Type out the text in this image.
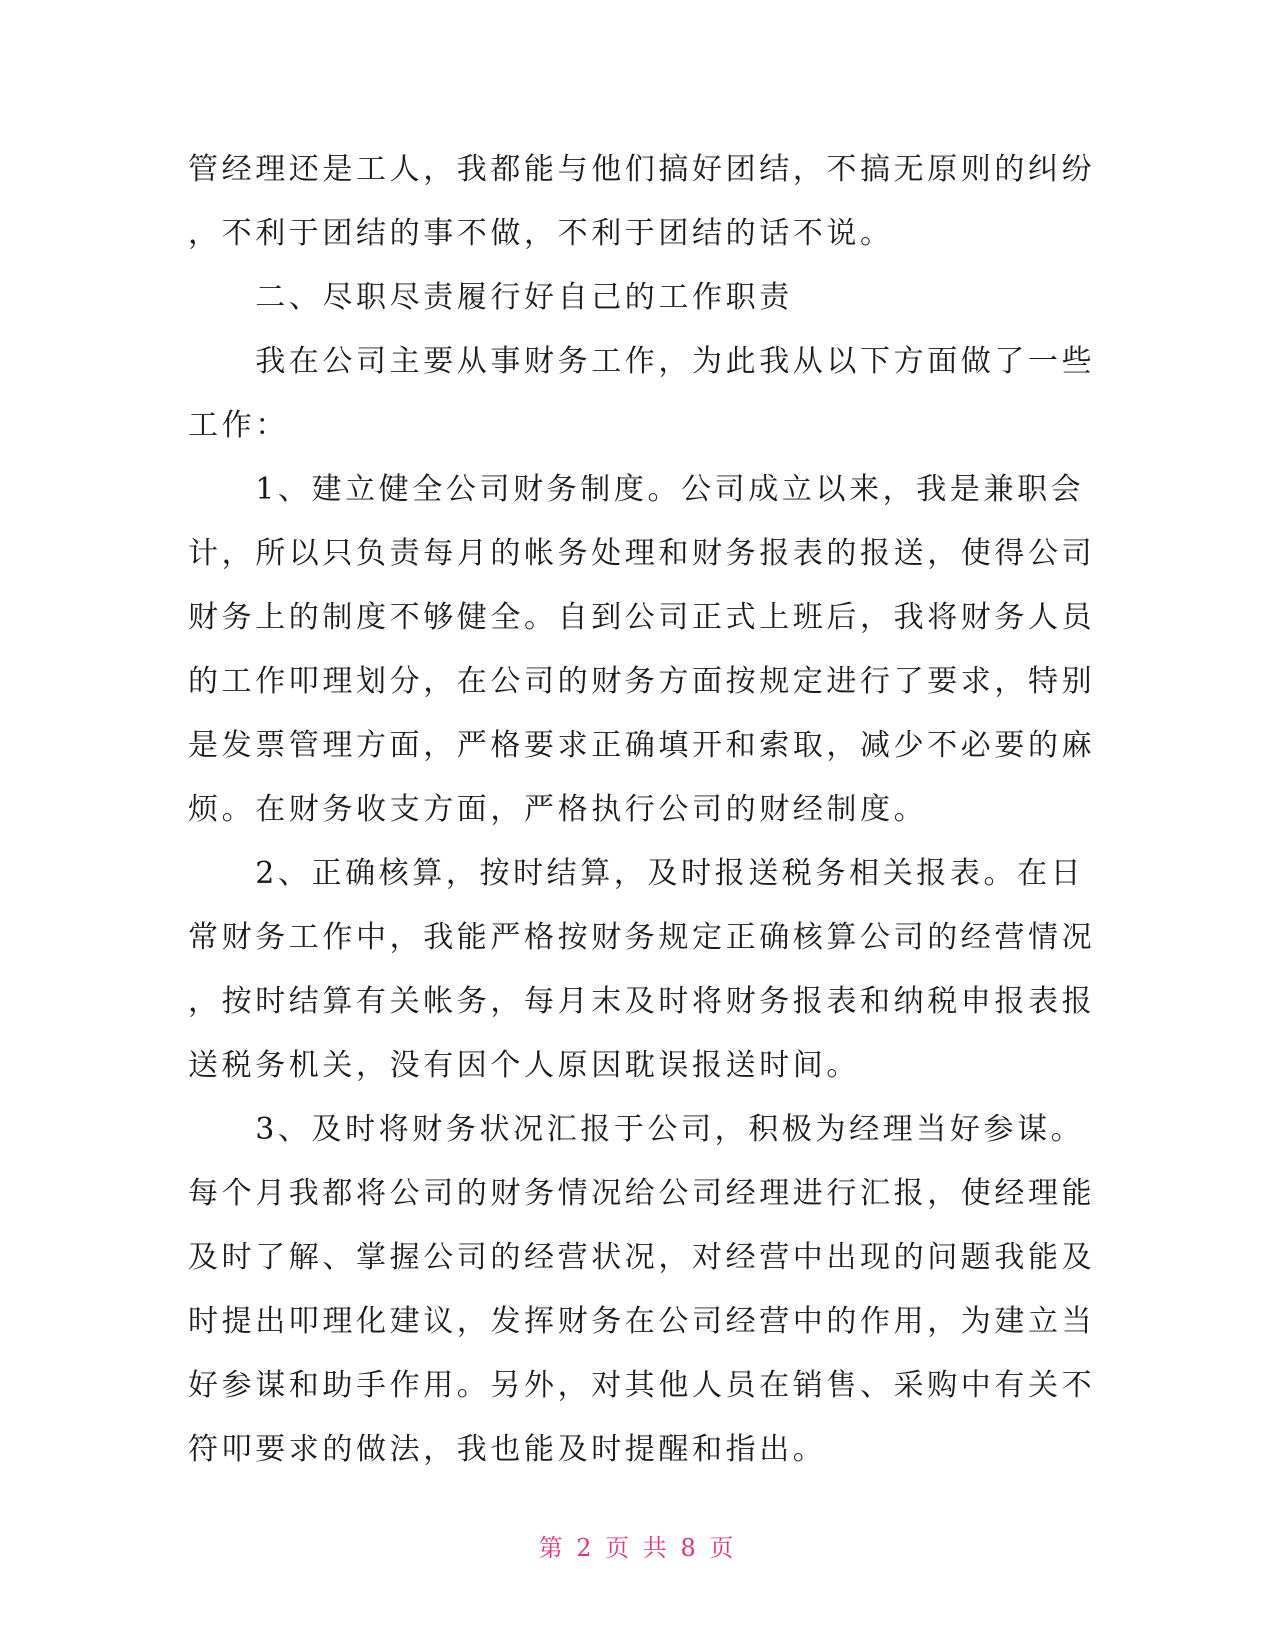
管经理还是工人，我都能与他们搞好团结，不搞无原则的纠纷
，不利于团结的事不做，不利于团结的话不说。
　　二、尽职尽责履行好自己的工作职责
　　我在公司主要从事财务工作，为此我从以下方面做了一些
工作：
　　1、建立健全公司财务制度。公司成立以来，我是兼职会
计，所以只负责每月的帐务处理和财务报表的报送，使得公司
财务上的制度不够健全。自到公司正式上班后，我将财务人员
的工作叩理划分，在公司的财务方面按规定进行了要求，特别
是发票管理方面，严格要求正确填开和索取，减少不必要的麻
烦。在财务收支方面，严格执行公司的财经制度。
　　2、正确核算，按时结算，及时报送税务相关报表。在日
常财务工作中，我能严格按财务规定正确核算公司的经营情况
，按时结算有关帐务，每月末及时将财务报表和纳税申报表报
送税务机关，没有因个人原因耽误报送时间。
　　3、及时将财务状况汇报于公司，积极为经理当好参谋。
每个月我都将公司的财务情况给公司经理进行汇报，使经理能
及时了解、掌握公司的经营状况，对经营中出现的问题我能及
时提出叩理化建议，发挥财务在公司经营中的作用，为建立当
好参谋和助手作用。另外，对其他人员在销售、采购中有关不
符叩要求的做法，我也能及时提醒和指出。
第 2 页 共 8 页
